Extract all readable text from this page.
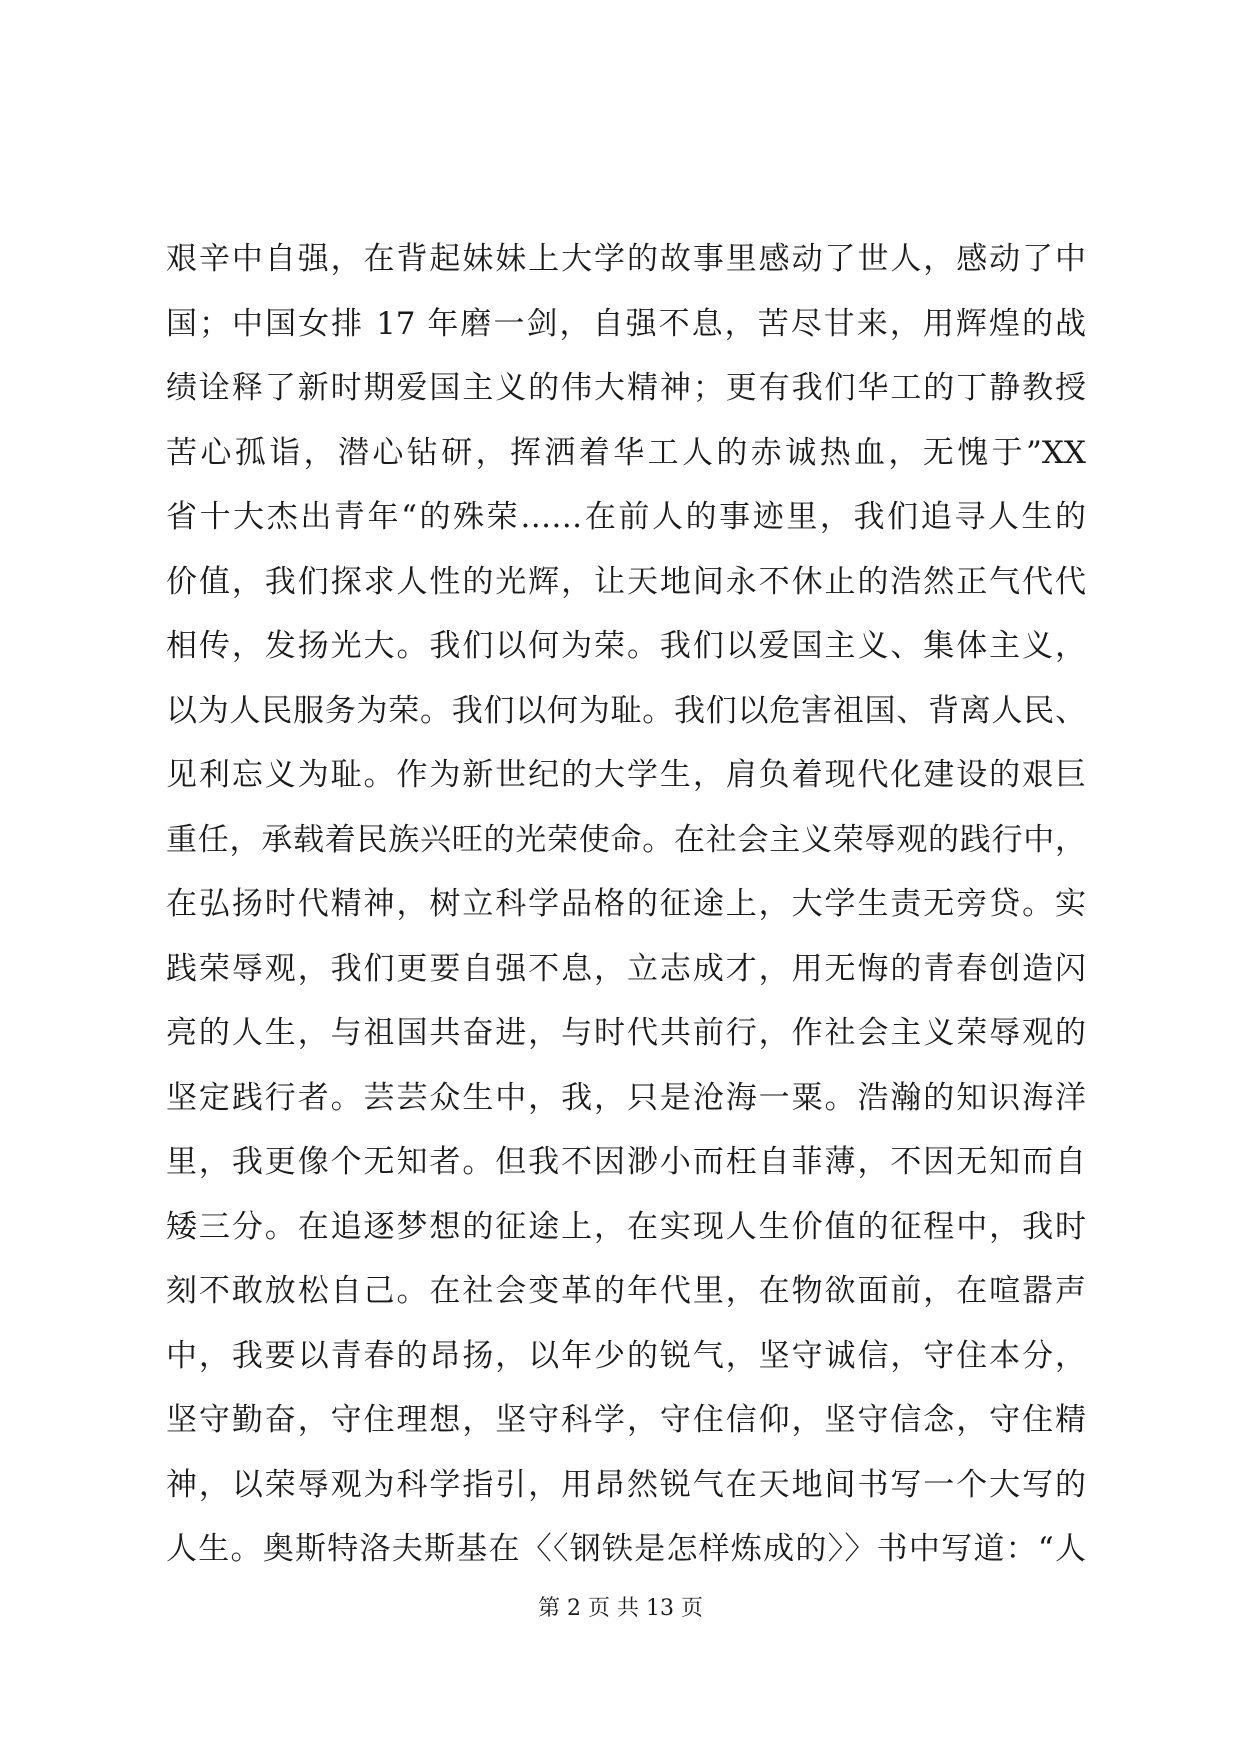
艰辛中自强，在背起妹妹上大学的故事里感动了世人，感动了中
国；中国女排 17 年磨一剑，自强不息，苦尽甘来，用辉煌的战
绩诠释了新时期爱国主义的伟大精神；更有我们华工的丁静教授
苦心孤诣，潜心钻研，挥洒着华工人的赤诚热血，无愧于”XX
省十大杰出青年“的殊荣……在前人的事迹里，我们追寻人生的
价值，我们探求人性的光辉，让天地间永不休止的浩然正气代代
相传，发扬光大。我们以何为荣。我们以爱国主义、集体主义，
以为人民服务为荣。我们以何为耻。我们以危害祖国、背离人民、
见利忘义为耻。作为新世纪的大学生，肩负着现代化建设的艰巨
重任，承载着民族兴旺的光荣使命。在社会主义荣辱观的践行中，
在弘扬时代精神，树立科学品格的征途上，大学生责无旁贷。实
践荣辱观，我们更要自强不息，立志成才，用无悔的青春创造闪
亮的人生，与祖国共奋进，与时代共前行，作社会主义荣辱观的
坚定践行者。芸芸众生中，我，只是沧海一粟。浩瀚的知识海洋
里，我更像个无知者。但我不因渺小而枉自菲薄，不因无知而自
矮三分。在追逐梦想的征途上，在实现人生价值的征程中，我时
刻不敢放松自己。在社会变革的年代里，在物欲面前，在喧嚣声
中，我要以青春的昂扬，以年少的锐气，坚守诚信，守住本分，
坚守勤奋，守住理想，坚守科学，守住信仰，坚守信念，守住精
神，以荣辱观为科学指引，用昂然锐气在天地间书写一个大写的
人生。奥斯特洛夫斯基在〈〈钢铁是怎样炼成的〉〉书中写道：“人
第 2 页 共 13 页
